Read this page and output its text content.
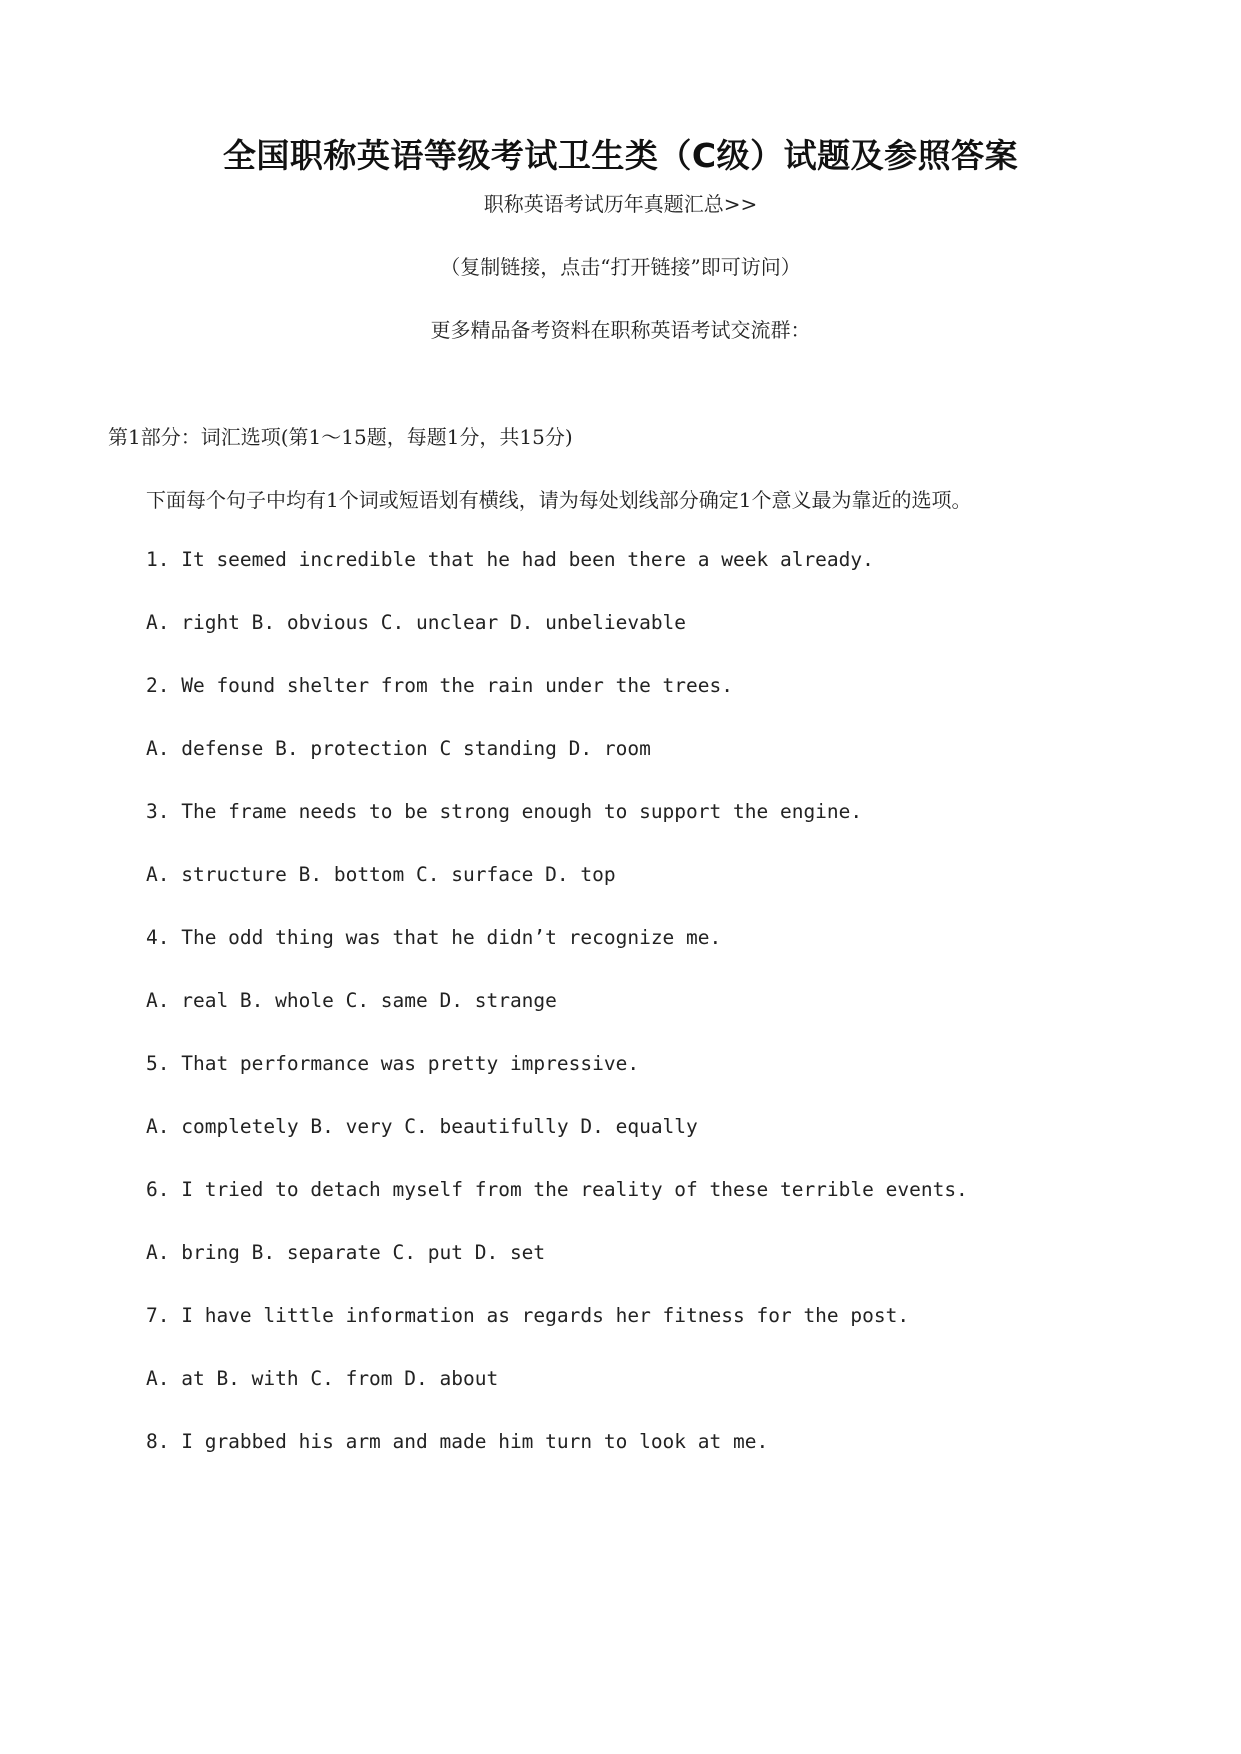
全国职称英语等级考试卫生类（C级）试题及参照答案
职称英语考试历年真题汇总>>
（复制链接，点击“打开链接”即可访问）
更多精品备考资料在职称英语考试交流群：
第1部分：词汇选项(第1～15题，每题1分，共15分)
下面每个句子中均有1个词或短语划有横线，请为每处划线部分确定1个意义最为靠近的选项。
1. It seemed incredible that he had been there a week already.
A. right B. obvious C. unclear D. unbelievable
2. We found shelter from the rain under the trees.
A. defense B. protection C standing D. room
3. The frame needs to be strong enough to support the engine.
A. structure B. bottom C. surface D. top
4. The odd thing was that he didn’t recognize me.
A. real B. whole C. same D. strange
5. That performance was pretty impressive.
A. completely B. very C. beautifully D. equally
6. I tried to detach myself from the reality of these terrible events.
A. bring B. separate C. put D. set
7. I have little information as regards her fitness for the post.
A. at B. with C. from D. about
8. I grabbed his arm and made him turn to look at me.
